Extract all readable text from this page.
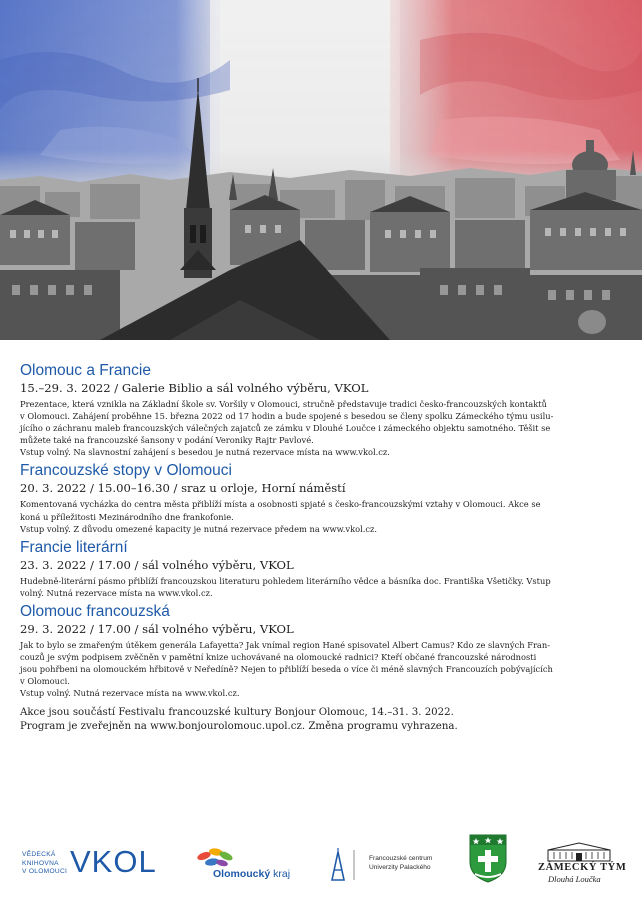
Olomouc a Francie

15.–29. 3. 2022 / Galerie Biblio a sál volného výběru, VKOL

Prezentace, která vznikla na Základní škole sv. Voršily v Olomouci, stručně představuje tradici česko-francouzských kontaktů
v Olomouci. Zahájení proběhne 15. března 2022 od 17 hodin a bude spojené s besedou se členy spolku Zámeckého týmu usilu-
jícího o záchranu maleb francouzských válečných zajatců ze zámku v Dlouhé Loučce i zámeckého objektu samotného. Těšit se
můžete také na francouzské šansony v podání Veroniky Rajtr Pavlové.
Vstup volný. Na slavnostní zahájení s besedou je nutná rezervace místa na www.vkol.cz.

Francouzské stopy v Olomouci

20. 3. 2022 / 15.00–16.30 / sraz u orloje, Horní náměstí

Komentovaná vycházka do centra města přiblíží místa a osobnosti spjaté s česko-francouzskými vztahy v Olomouci. Akce se
koná u příležitosti Mezinárodního dne frankofonie.
Vstup volný. Z důvodu omezené kapacity je nutná rezervace předem na www.vkol.cz.

Francie literární

23. 3. 2022 / 17.00 / sál volného výběru, VKOL

Hudebně-literární pásmo přiblíží francouzskou literaturu pohledem literárního vědce a básníka doc. Františka Všetičky. Vstup
volný. Nutná rezervace místa na www.vkol.cz.

Olomouc francouzská

29. 3. 2022 / 17.00 / sál volného výběru, VKOL

Jak to bylo se zmařeným útěkem generála Lafayetta? Jak vnímal region Hané spisovatel Albert Camus? Kdo ze slavných Fran-
couzů je svým podpisem zvěčněn v pamětní knize uchovávané na olomoucké radnici? Kteří občané francouzské národnosti
jsou pohřbeni na olomouckém hřbitově v Neředíně? Nejen to přiblíží beseda o více či méně slavných Francouzích pobývajících
v Olomouci.
Vstup volný. Nutná rezervace místa na www.vkol.cz.

Akce jsou součástí Festivalu francouzské kultury Bonjour Olomouc, 14.–31. 3. 2022.
Program je zveřejněn na www.bonjourolomouc.upol.cz. Změna programu vyhrazena.
VĚDECKÁ
KNIHOVNA
V OLOMOUCI VKOL	Olomoucký kraj
Francouzské centrum
Univerzity Palackého	ZÁMECKÝ TÝM
Dlouhá Loučka
